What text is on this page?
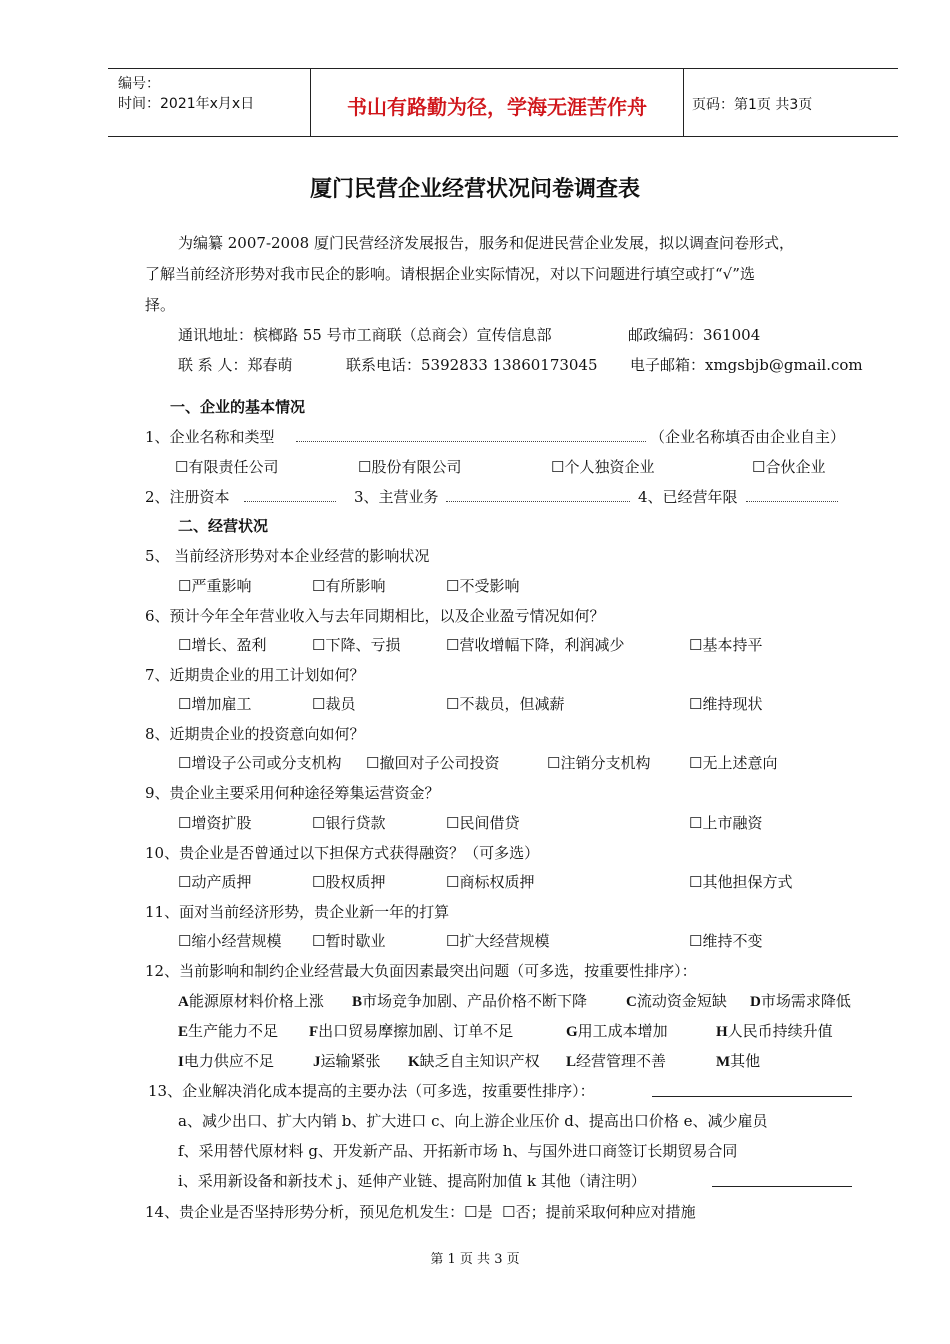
编号：
时间：2021年x月x日	书山有路勤为径，学海无涯苦作舟	页码：第1页 共3页
厦门民营企业经营状况问卷调查表
为编纂 2007-2008 厦门民营经济发展报告，服务和促进民营企业发展，拟以调查问卷形式，
了解当前经济形势对我市民企的影响。请根据企业实际情况，对以下问题进行填空或打“√”选
择。
通讯地址：槟榔路 55 号市工商联（总商会）宣传信息部	邮政编码：361004
联 系 人：郑春萌	联系电话：5392833 13860173045 电子邮箱：xmgsbjb@gmail.com
一、企业的基本情况
1、企业名称和类型	（企业名称填否由企业自主）
☐ 有限责任公司	☐ 股份有限公司	☐ 个人独资企业	☐ 合伙企业
2、注册资本	3、主营业务	4、已经营年限
二、经营状况
5、 当前经济形势对本企业经营的影响状况
☐ 严重影响	☐ 有所影响	☐ 不受影响
6、预计今年全年营业收入与去年同期相比，以及企业盈亏情况如何？
☐ 增长、盈利	☐ 下降、亏损	☐ 营收增幅下降，利润减少	☐ 基本持平
7、近期贵企业的用工计划如何？
☐ 增加雇工	☐ 裁员	☐ 不裁员，但减薪	☐ 维持现状
8、近期贵企业的投资意向如何？
☐ 增设子公司或分支机构	☐ 撤回对子公司投资	☐ 注销分支机构	☐ 无上述意向
9、贵企业主要采用何种途径筹集运营资金？
☐ 增资扩股	☐ 银行贷款	☐ 民间借贷	☐ 上市融资
10、贵企业是否曾通过以下担保方式获得融资？（可多选）
☐ 动产质押	☐ 股权质押	☐ 商标权质押	☐ 其他担保方式
11、面对当前经济形势，贵企业新一年的打算
☐ 缩小经营规模	☐ 暂时歇业	☐ 扩大经营规模	☐ 维持不变
12、当前影响和制约企业经营最大负面因素最突出问题（可多选，按重要性排序）：
A能源原材料价格上涨 B市场竞争加剧、产品价格不断下降	C流动资金短缺 D市场需求降低
E生产能力不足 F出口贸易摩擦加剧、订单不足	G用工成本增加	H人民币持续升值
I电力供应不足	J运输紧张 K缺乏自主知识产权 L经营管理不善	M其他
13、企业解决消化成本提高的主要办法（可多选，按重要性排序）：
a、减少出口、扩大内销 b、扩大进口 c、向上游企业压价 d、提高出口价格 e、减少雇员
f、采用替代原材料 g、开发新产品、开拓新市场 h、与国外进口商签订长期贸易合同
i、采用新设备和新技术 j、延伸产业链、提高附加值 k 其他（请注明）
14、贵企业是否坚持形势分析，预见危机发生： ☐ 是 ☐ 否；提前采取何种应对措施
第 1 页 共 3 页
